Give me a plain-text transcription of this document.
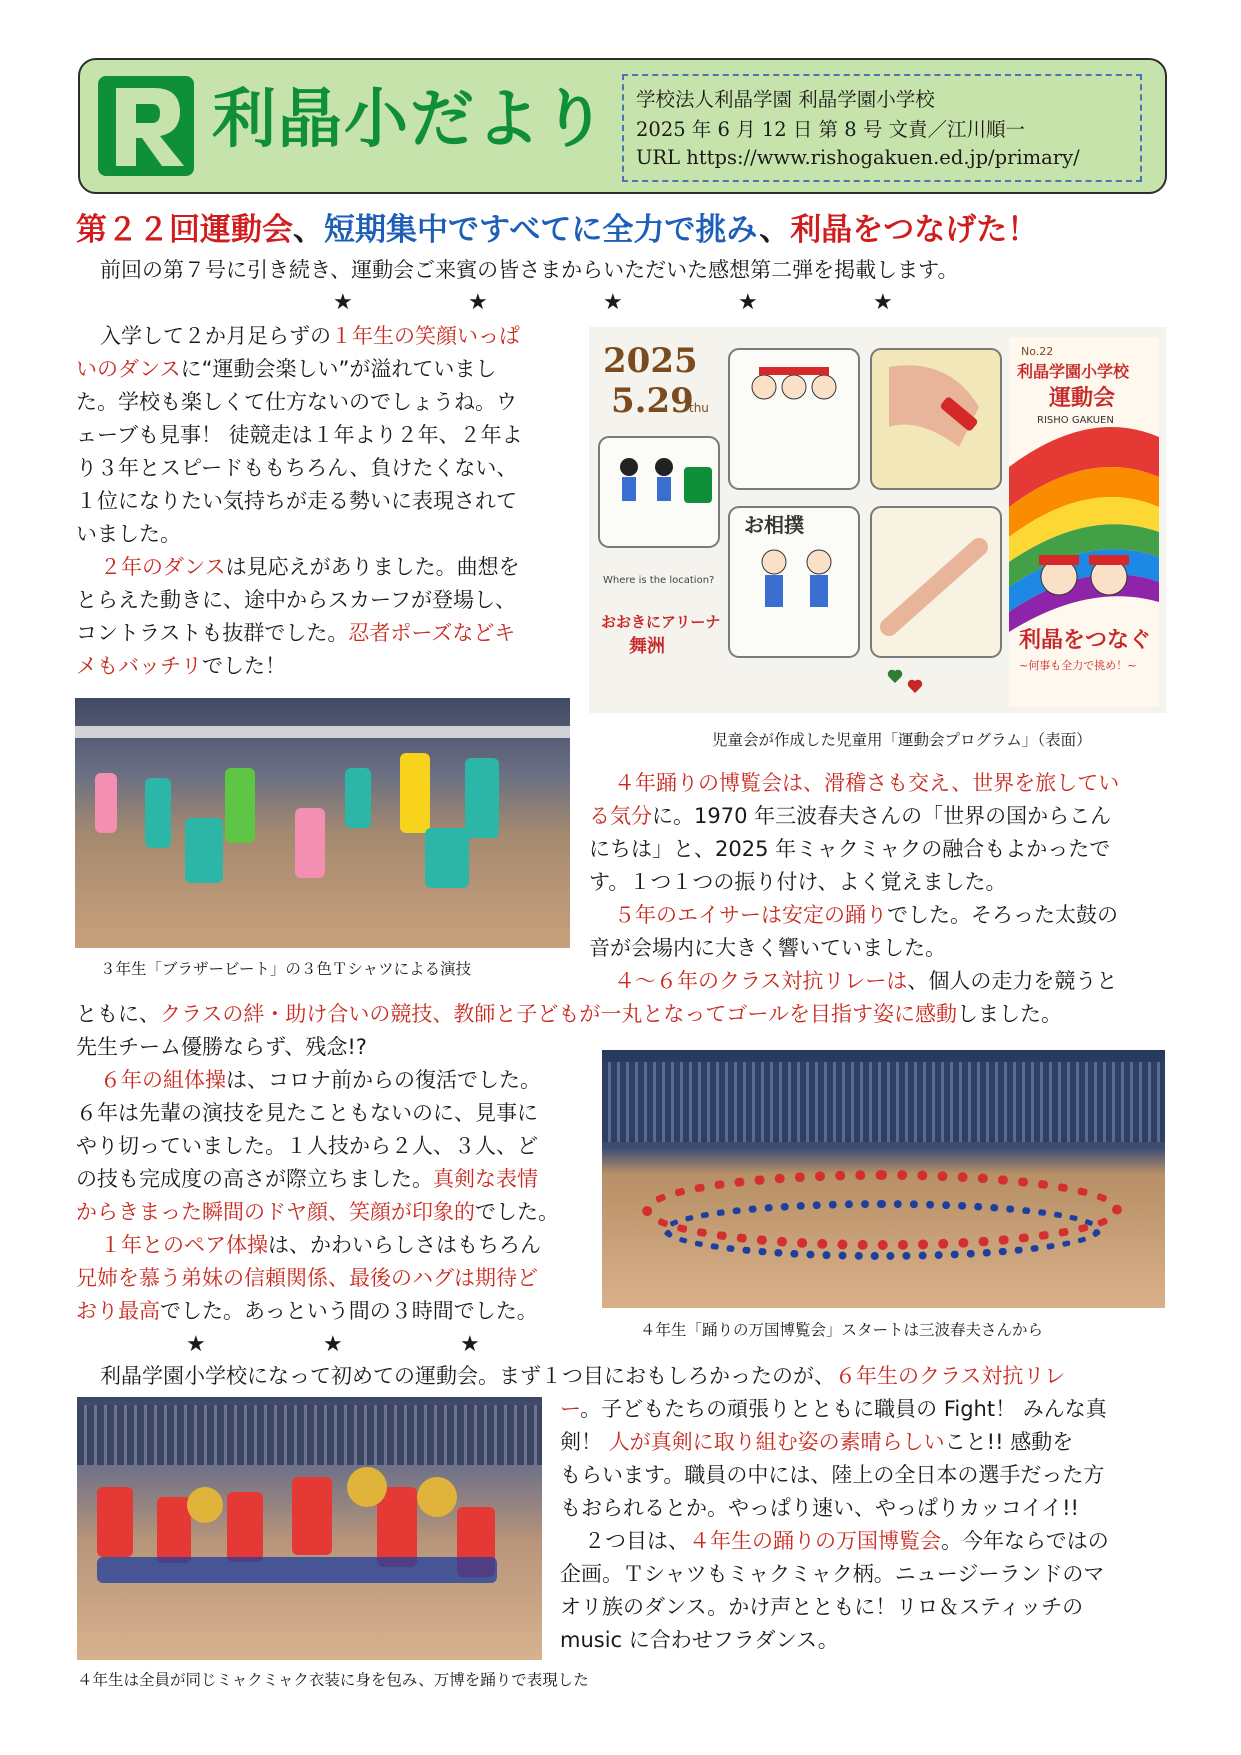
利晶小だより 学校法人利晶学園 利晶学園小学校
2025 年 6 月 12 日 第 8 号 文責／江川順一
URL https://www.rishogakuen.ed.jp/primary/
第２２回運動会、短期集中ですべてに全力で挑み、利晶をつなげた！
前回の第７号に引き続き、運動会ご来賓の皆さまからいただいた感想第二弾を掲載します。
★	★	★	★	★
入学して２か月足らずの１年生の笑顔いっぱ
いのダンスに“運動会楽しい”が溢れていまし
た。学校も楽しくて仕方ないのでしょうね。ウ
ェーブも見事！ 徒競走は１年より２年、２年よ
り３年とスピードももちろん、負けたくない、
１位になりたい気持ちが走る勢いに表現されて
いました。
２年のダンスは見応えがありました。曲想を
とらえた動きに、途中からスカーフが登場し、
コントラストも抜群でした。忍者ポーズなどキ
メもバッチリでした！
2025
5.29
thu
No.22
利晶学園小学校
運動会
RISHO GAKUEN
Where is the location?
おおきにアリーナ
舞洲
お相撲
利晶をつなぐ
~何事も全力で挑め！~
児童会が作成した児童用「運動会プログラム」（表面）
３年生「ブラザービート」の３色Ｔシャツによる演技
４年踊りの博覧会は、滑稽さも交え、世界を旅してい
る気分に。1970 年三波春夫さんの「世界の国からこん
にちは」と、2025 年ミャクミャクの融合もよかったで
す。１つ１つの振り付け、よく覚えました。
５年のエイサーは安定の踊りでした。そろった太鼓の
音が会場内に大きく響いていました。
４～６年のクラス対抗リレーは、個人の走力を競うと
ともに、クラスの絆・助け合いの競技、教師と子どもが一丸となってゴールを目指す姿に感動しました。
先生チーム優勝ならず、残念!?
６年の組体操は、コロナ前からの復活でした。
６年は先輩の演技を見たこともないのに、見事に
やり切っていました。１人技から２人、３人、ど
の技も完成度の高さが際立ちました。真剣な表情
からきまった瞬間のドヤ顔、笑顔が印象的でした。
１年とのペア体操は、かわいらしさはもちろん
兄姉を慕う弟妹の信頼関係、最後のハグは期待ど
おり最高でした。あっという間の３時間でした。
４年生「踊りの万国博覧会」スタートは三波春夫さんから
★	★	★
利晶学園小学校になって初めての運動会。まず１つ目におもしろかったのが、６年生のクラス対抗リレ
ー。子どもたちの頑張りとともに職員の Fight！ みんな真
剣！ 人が真剣に取り組む姿の素晴らしいこと!! 感動を
もらいます。職員の中には、陸上の全日本の選手だった方
もおられるとか。やっぱり速い、やっぱりカッコイイ!!
２つ目は、４年生の踊りの万国博覧会。今年ならではの
企画。Ｔシャツもミャクミャク柄。ニュージーランドのマ
オリ族のダンス。かけ声とともに！リロ＆スティッチの
music に合わせフラダンス。
４年生は全員が同じミャクミャク衣装に身を包み、万博を踊りで表現した
